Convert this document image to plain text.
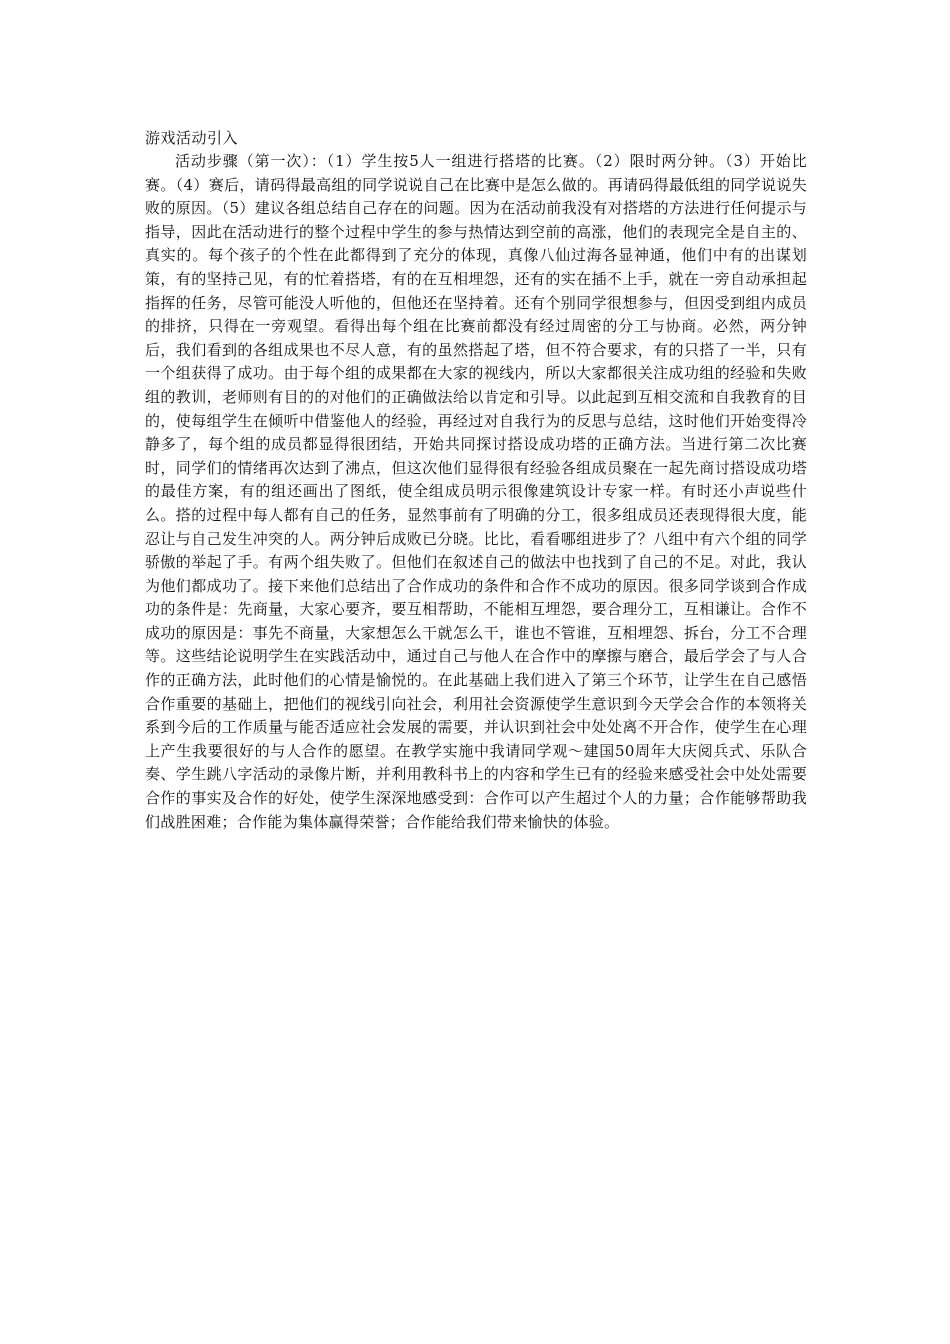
游戏活动引入

活动步骤（第一次）：（1）学生按5人一组进行搭塔的比赛。（2）限时两分钟。（3）开始比赛。（4）赛后，请码得最高组的同学说说自己在比赛中是怎么做的。再请码得最低组的同学说说失败的原因。（5）建议各组总结自己存在的问题。因为在活动前我没有对搭塔的方法进行任何提示与指导，因此在活动进行的整个过程中学生的参与热情达到空前的高涨，他们的表现完全是自主的、真实的。每个孩子的个性在此都得到了充分的体现，真像八仙过海各显神通，他们中有的出谋划策，有的坚持己见，有的忙着搭塔，有的在互相埋怨，还有的实在插不上手，就在一旁自动承担起指挥的任务，尽管可能没人听他的，但他还在坚持着。还有个别同学很想参与，但因受到组内成员的排挤，只得在一旁观望。看得出每个组在比赛前都没有经过周密的分工与协商。必然，两分钟后，我们看到的各组成果也不尽人意，有的虽然搭起了塔，但不符合要求，有的只搭了一半，只有一个组获得了成功。由于每个组的成果都在大家的视线内，所以大家都很关注成功组的经验和失败组的教训，老师则有目的的对他们的正确做法给以肯定和引导。以此起到互相交流和自我教育的目的，使每组学生在倾听中借鉴他人的经验，再经过对自我行为的反思与总结，这时他们开始变得冷静多了，每个组的成员都显得很团结，开始共同探讨搭设成功塔的正确方法。当进行第二次比赛时，同学们的情绪再次达到了沸点，但这次他们显得很有经验各组成员聚在一起先商讨搭设成功塔的最佳方案，有的组还画出了图纸，使全组成员明示很像建筑设计专家一样。有时还小声说些什么。搭的过程中每人都有自己的任务，显然事前有了明确的分工，很多组成员还表现得很大度，能忍让与自己发生冲突的人。两分钟后成败已分晓。比比，看看哪组进步了？八组中有六个组的同学骄傲的举起了手。有两个组失败了。但他们在叙述自己的做法中也找到了自己的不足。对此，我认为他们都成功了。接下来他们总结出了合作成功的条件和合作不成功的原因。很多同学谈到合作成功的条件是：先商量，大家心要齐，要互相帮助，不能相互埋怨，要合理分工，互相谦让。合作不成功的原因是：事先不商量，大家想怎么干就怎么干，谁也不管谁，互相埋怨、拆台，分工不合理等。这些结论说明学生在实践活动中，通过自己与他人在合作中的摩擦与磨合，最后学会了与人合作的正确方法，此时他们的心情是愉悦的。在此基础上我们进入了第三个环节，让学生在自己感悟合作重要的基础上，把他们的视线引向社会，利用社会资源使学生意识到今天学会合作的本领将关系到今后的工作质量与能否适应社会发展的需要，并认识到社会中处处离不开合作，使学生在心理上产生我要很好的与人合作的愿望。在教学实施中我请同学观～建国50周年大庆阅兵式、乐队合奏、学生跳八字活动的录像片断，并利用教科书上的内容和学生已有的经验来感受社会中处处需要合作的事实及合作的好处，使学生深深地感受到：合作可以产生超过个人的力量；合作能够帮助我们战胜困难；合作能为集体赢得荣誉；合作能给我们带来愉快的体验。
